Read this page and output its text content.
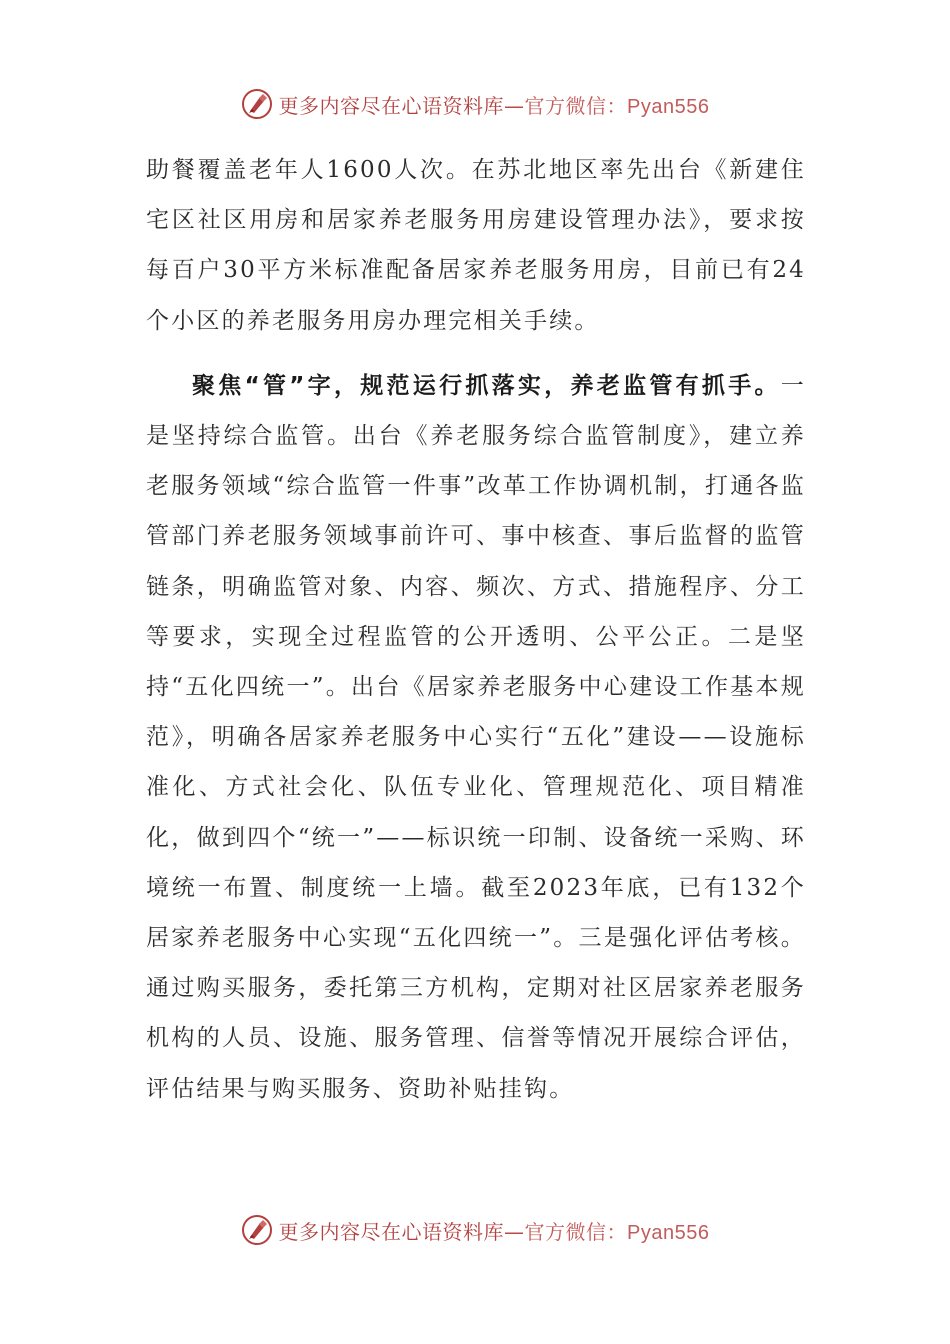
更多内容尽在心语资料库—官方微信：Pyan556

助餐覆盖老年人1600人次。在苏北地区率先出台《新建住宅区社区用房和居家养老服务用房建设管理办法》，要求按每百户30平方米标准配备居家养老服务用房，目前已有24个小区的养老服务用房办理完相关手续。

聚焦“管”字，规范运行抓落实，养老监管有抓手。一是坚持综合监管。出台《养老服务综合监管制度》，建立养老服务领域“综合监管一件事”改革工作协调机制，打通各监管部门养老服务领域事前许可、事中核查、事后监督的监管链条，明确监管对象、内容、频次、方式、措施程序、分工等要求，实现全过程监管的公开透明、公平公正。二是坚持“五化四统一”。出台《居家养老服务中心建设工作基本规范》，明确各居家养老服务中心实行“五化”建设——设施标准化、方式社会化、队伍专业化、管理规范化、项目精准化，做到四个“统一”——标识统一印制、设备统一采购、环境统一布置、制度统一上墙。截至2023年底，已有132个居家养老服务中心实现“五化四统一”。三是强化评估考核。通过购买服务，委托第三方机构，定期对社区居家养老服务机构的人员、设施、服务管理、信誉等情况开展综合评估，评估结果与购买服务、资助补贴挂钩。

更多内容尽在心语资料库—官方微信：Pyan556
